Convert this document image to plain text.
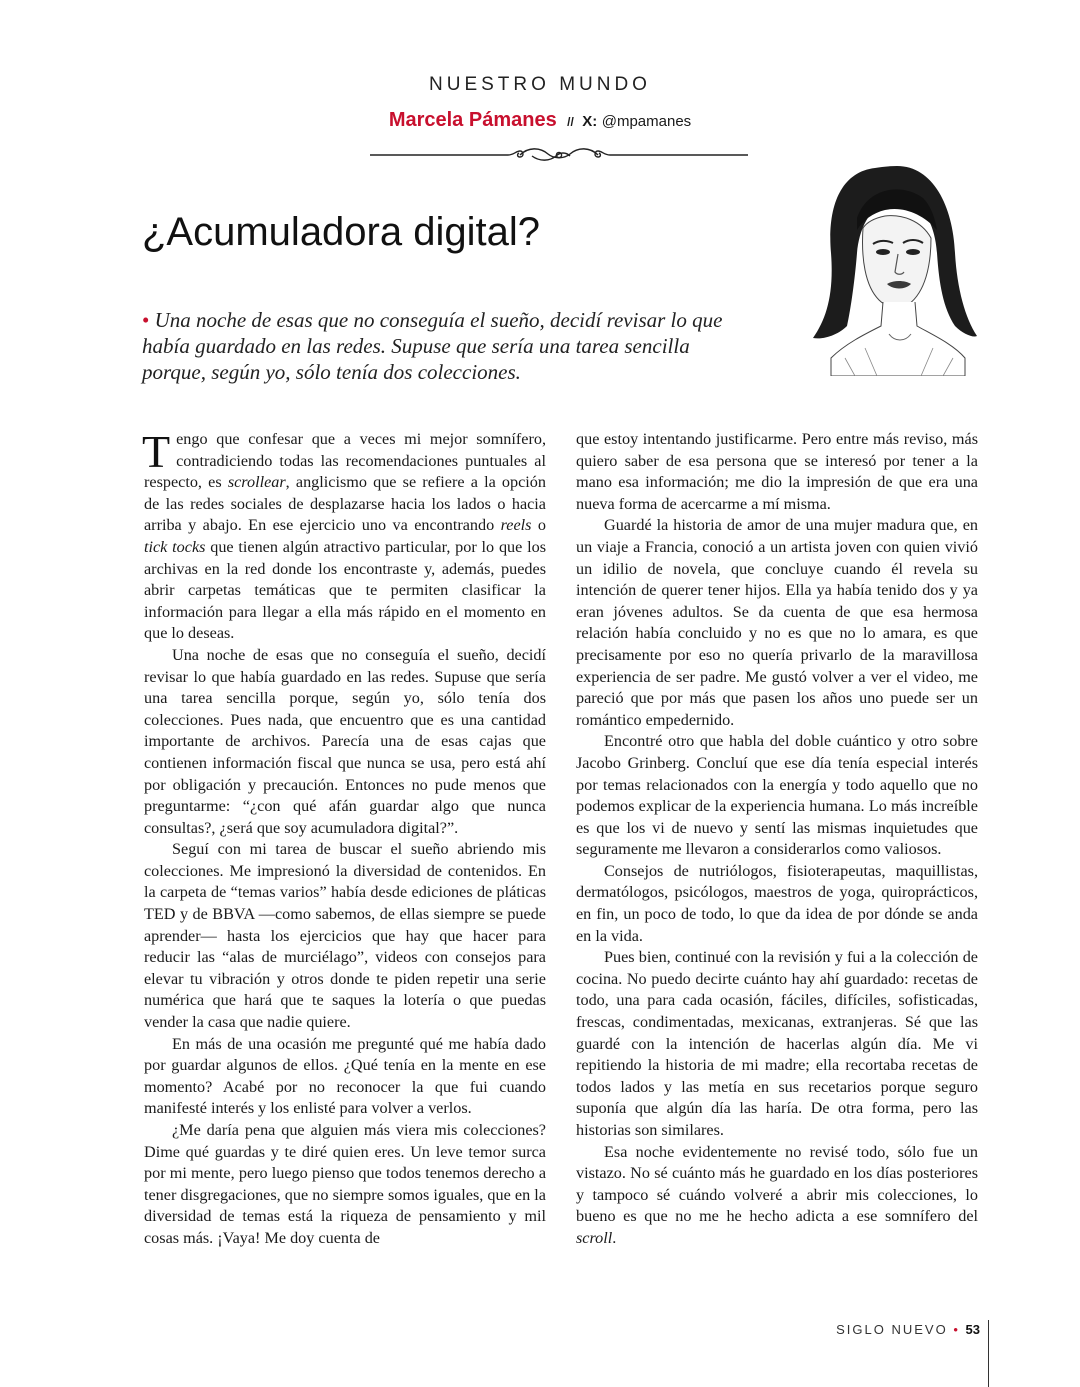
NUESTRO MUNDO
Marcela Pámanes // X: @mpamanes
¿Acumuladora digital?
• Una noche de esas que no conseguía el sueño, decidí revisar lo que había guardado en las redes. Supuse que sería una tarea sencilla porque, según yo, sólo tenía dos colecciones.

Tengo que confesar que a veces mi mejor somnífero, contradiciendo todas las recomendaciones puntuales al respecto, es scrollear, anglicismo que se refiere a la opción de las redes sociales de desplazarse hacia los lados o hacia arriba y abajo. En ese ejercicio uno va encontrando reels o tick tocks que tienen algún atractivo particular, por lo que los archivas en la red donde los encontraste y, además, puedes abrir carpetas temáticas que te permiten clasificar la información para llegar a ella más rápido en el momento en que lo deseas.

Una noche de esas que no conseguía el sueño, decidí revisar lo que había guardado en las redes. Supuse que sería una tarea sencilla porque, según yo, sólo tenía dos colecciones. Pues nada, que encuentro que es una cantidad importante de archivos. Parecía una de esas cajas que contienen información fiscal que nunca se usa, pero está ahí por obligación y precaución. Entonces no pude menos que preguntarme: “¿con qué afán guardar algo que nunca consultas?, ¿será que soy acumuladora digital?”.

Seguí con mi tarea de buscar el sueño abriendo mis colecciones. Me impresionó la diversidad de contenidos. En la carpeta de “temas varios” había desde ediciones de pláticas TED y de BBVA —como sabemos, de ellas siempre se puede aprender— hasta los ejercicios que hay que hacer para reducir las “alas de murciélago”, videos con consejos para elevar tu vibración y otros donde te piden repetir una serie numérica que hará que te saques la lotería o que puedas vender la casa que nadie quiere.

En más de una ocasión me pregunté qué me había dado por guardar algunos de ellos. ¿Qué tenía en la mente en ese momento? Acabé por no reconocer la que fui cuando manifesté interés y los enlisté para volver a verlos.

¿Me daría pena que alguien más viera mis colecciones? Dime qué guardas y te diré quien eres. Un leve temor surca por mi mente, pero luego pienso que todos tenemos derecho a tener disgregaciones, que no siempre somos iguales, que en la diversidad de temas está la riqueza de pensamiento y mil cosas más. ¡Vaya! Me doy cuenta de

que estoy intentando justificarme. Pero entre más reviso, más quiero saber de esa persona que se interesó por tener a la mano esa información; me dio la impresión de que era una nueva forma de acercarme a mí misma.

Guardé la historia de amor de una mujer madura que, en un viaje a Francia, conoció a un artista joven con quien vivió un idilio de novela, que concluye cuando él revela su intención de querer tener hijos. Ella ya había tenido dos y ya eran jóvenes adultos. Se da cuenta de que esa hermosa relación había concluido y no es que no lo amara, es que precisamente por eso no quería privarlo de la maravillosa experiencia de ser padre. Me gustó volver a ver el video, me pareció que por más que pasen los años uno puede ser un romántico empedernido.

Encontré otro que habla del doble cuántico y otro sobre Jacobo Grinberg. Concluí que ese día tenía especial interés por temas relacionados con la energía y todo aquello que no podemos explicar de la experiencia humana. Lo más increíble es que los vi de nuevo y sentí las mismas inquietudes que seguramente me llevaron a considerarlos como valiosos.

Consejos de nutriólogos, fisioterapeutas, maquillistas, dermatólogos, psicólogos, maestros de yoga, quiroprácticos, en fin, un poco de todo, lo que da idea de por dónde se anda en la vida.

Pues bien, continué con la revisión y fui a la colección de cocina. No puedo decirte cuánto hay ahí guardado: recetas de todo, una para cada ocasión, fáciles, difíciles, sofisticadas, frescas, condimentadas, mexicanas, extranjeras. Sé que las guardé con la intención de hacerlas algún día. Me vi repitiendo la historia de mi madre; ella recortaba recetas de todos lados y las metía en sus recetarios porque seguro suponía que algún día las haría. De otra forma, pero las historias son similares.

Esa noche evidentemente no revisé todo, sólo fue un vistazo. No sé cuánto más he guardado en los días posteriores y tampoco sé cuándo volveré a abrir mis colecciones, lo bueno es que no me he hecho adicta a ese somnífero del scroll.

SIGLO NUEVO • 53
